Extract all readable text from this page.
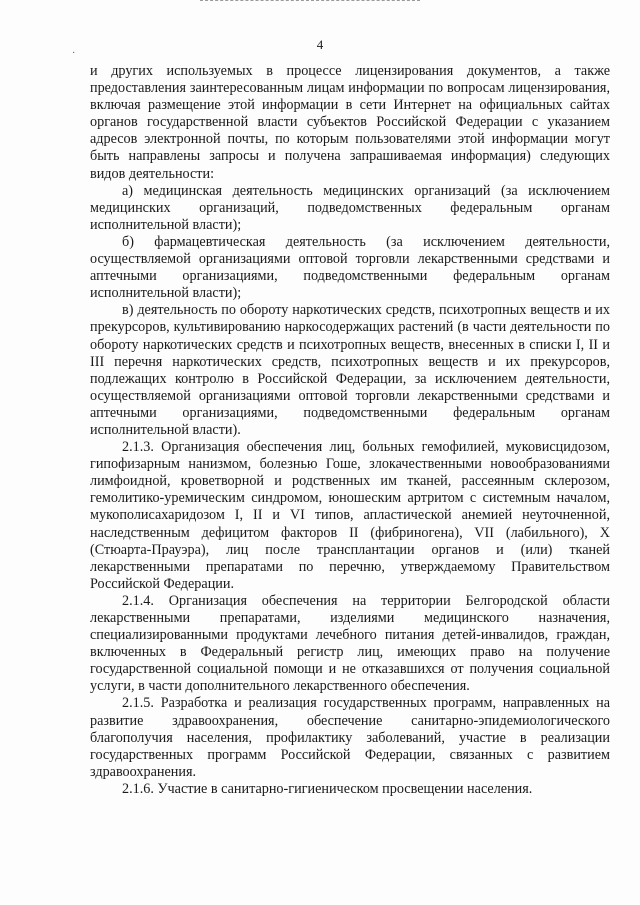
4
·

и других используемых в процессе лицензирования документов, а также предоставления заинтересованным лицам информации по вопросам лицензирования, включая размещение этой информации в сети Интернет на официальных сайтах органов государственной власти субъектов Российской Федерации с указанием адресов электронной почты, по которым пользователями этой информации могут быть направлены запросы и получена запрашиваемая информация) следующих видов деятельности:

а) медицинская деятельность медицинских организаций (за исключением медицинских организаций, подведомственных федеральным органам исполнительной власти);

б) фармацевтическая деятельность (за исключением деятельности, осуществляемой организациями оптовой торговли лекарственными средствами и аптечными организациями, подведомственными федеральным органам исполнительной власти);

в) деятельность по обороту наркотических средств, психотропных веществ и их прекурсоров, культивированию наркосодержащих растений (в части деятельности по обороту наркотических средств и психотропных веществ, внесенных в списки I, II и III перечня наркотических средств, психотропных веществ и их прекурсоров, подлежащих контролю в Российской Федерации, за исключением деятельности, осуществляемой организациями оптовой торговли лекарственными средствами и аптечными организациями, подведомственными федеральным органам исполнительной власти).

2.1.3. Организация обеспечения лиц, больных гемофилией, муковисцидозом, гипофизарным нанизмом, болезнью Гоше, злокачественными новообразованиями лимфоидной, кроветворной и родственных им тканей, рассеянным склерозом, гемолитико-уремическим синдромом, юношеским артритом с системным началом, мукополисахаридозом I, II и VI типов, апластической анемией неуточненной, наследственным дефицитом факторов II (фибриногена), VII (лабильного), X (Стюарта-Прауэра), лиц после трансплантации органов и (или) тканей лекарственными препаратами по перечню, утверждаемому Правительством Российской Федерации.

2.1.4. Организация обеспечения на территории Белгородской области лекарственными препаратами, изделиями медицинского назначения, специализированными продуктами лечебного питания детей-инвалидов, граждан, включенных в Федеральный регистр лиц, имеющих право на получение государственной социальной помощи и не отказавшихся от получения социальной услуги, в части дополнительного лекарственного обеспечения.

2.1.5. Разработка и реализация государственных программ, направленных на развитие здравоохранения, обеспечение санитарно-эпидемиологического благополучия населения, профилактику заболеваний, участие в реализации государственных программ Российской Федерации, связанных с развитием здравоохранения.

2.1.6. Участие в санитарно-гигиеническом просвещении населения.
